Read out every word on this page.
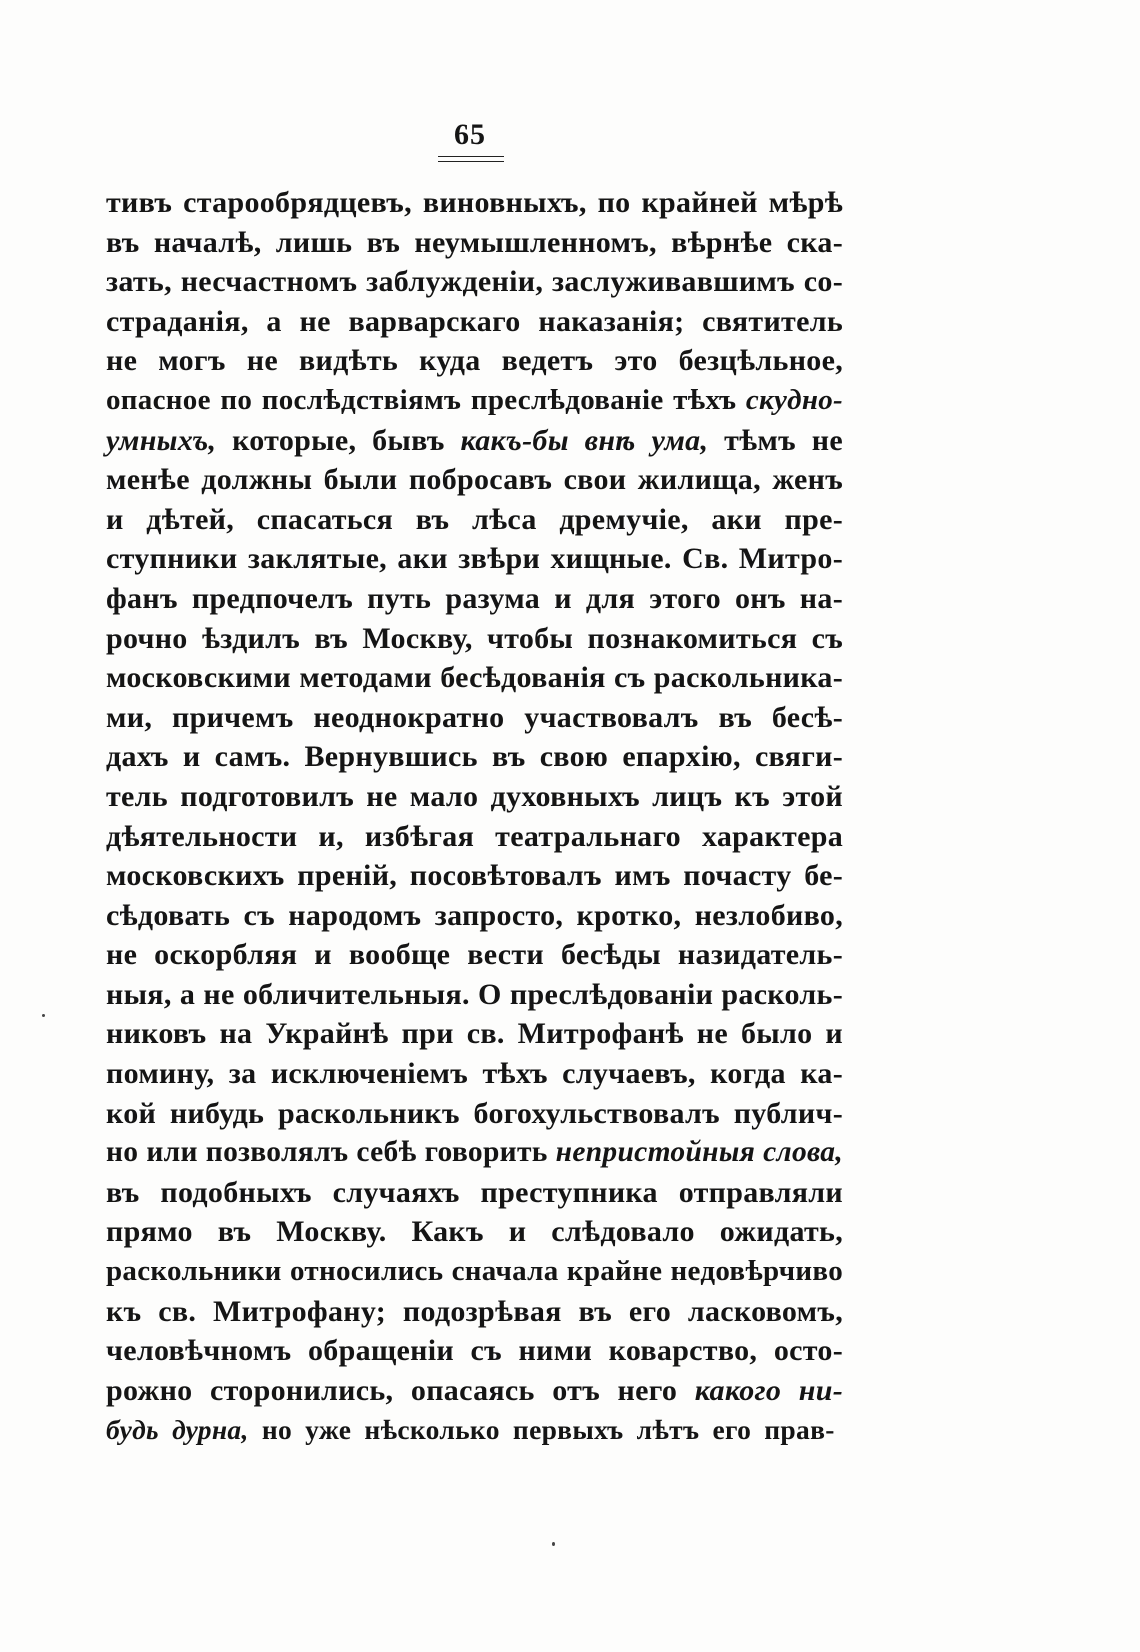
65
тивъ старообрядцевъ, виновныхъ, по крайней мѣрѣ
въ началѣ, лишь въ неумышленномъ, вѣрнѣе ска-
зать, несчастномъ заблужденіи, заслуживавшимъ со-
страданія, а не варварскаго наказанія; святитель
не могъ не видѣть куда ведетъ это безцѣльное,
опасное по послѣдствіямъ преслѣдованіе тѣхъ скудно-
умныхъ, которые, бывъ какъ-бы внѣ ума, тѣмъ не
менѣе должны были побросавъ свои жилища, женъ
и дѣтей, спасаться въ лѣса дремучіе, аки пре-
ступники заклятые, аки звѣри хищные. Св. Митро-
фанъ предпочелъ путь разума и для этого онъ на-
рочно ѣздилъ въ Москву, чтобы познакомиться съ
московскими методами бесѣдованія съ раскольника-
ми, причемъ неоднократно участвовалъ въ бесѣ-
дахъ и самъ. Вернувшись въ свою епархію, свяги-
тель подготовилъ не мало духовныхъ лицъ къ этой
дѣятельности и, избѣгая театральнаго характера
московскихъ преній, посовѣтовалъ имъ почасту бе-
сѣдовать съ народомъ запросто, кротко, незлобиво,
не оскорбляя и вообще вести бесѣды назидатель-
ныя, а не обличительныя. О преслѣдованіи расколь-
никовъ на Украйнѣ при св. Митрофанѣ не было и
помину, за исключеніемъ тѣхъ случаевъ, когда ка-
кой нибудь раскольникъ богохульствовалъ публич-
но или позволялъ себѣ говорить непристойныя слова,
въ подобныхъ случаяхъ преступника отправляли
прямо въ Москву. Какъ и слѣдовало ожидать,
раскольники относились сначала крайне недовѣрчиво
къ св. Митрофану; подозрѣвая въ его ласковомъ,
человѣчномъ обращеніи съ ними коварство, осто-
рожно сторонились, опасаясь отъ него какого ни-
будь дурна, но уже нѣсколько первыхъ лѣтъ его прав-
